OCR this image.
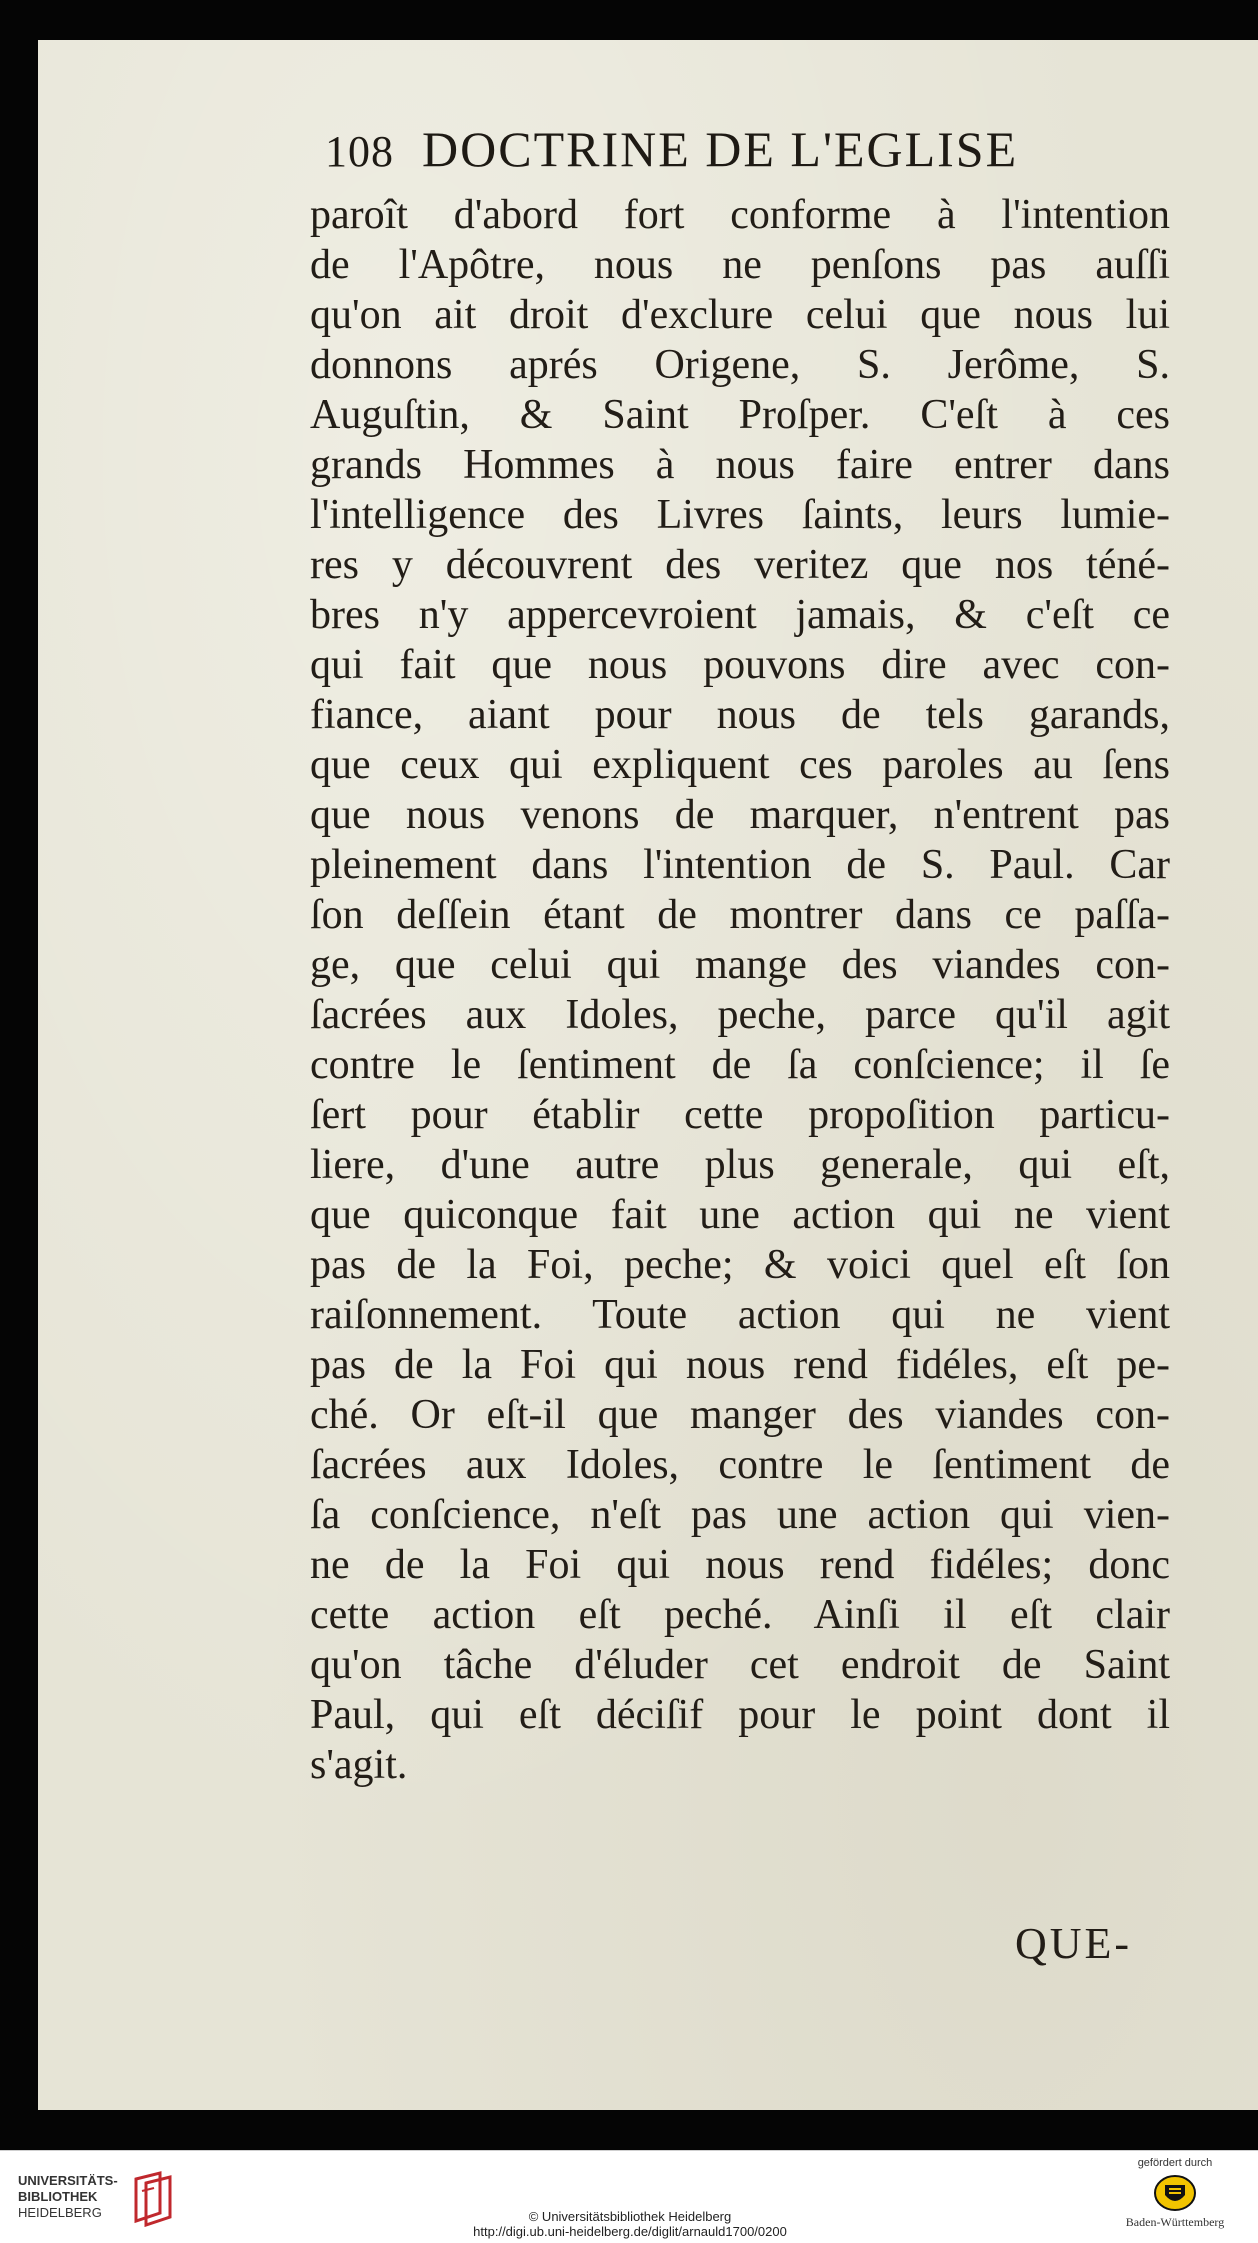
108 DOCTRINE DE L'EGLISE
paroît d'abord fort conforme à l'intention
de l'Apôtre, nous ne penſons pas auſſi
qu'on ait droit d'exclure celui que nous lui
donnons aprés Origene, S. Jerôme, S.
Auguſtin, & Saint Proſper. C'eſt à ces
grands Hommes à nous faire entrer dans
l'intelligence des Livres ſaints, leurs lumie-
res y découvrent des veritez que nos téné-
bres n'y appercevroient jamais, & c'eſt ce
qui fait que nous pouvons dire avec con-
fiance, aiant pour nous de tels garands,
que ceux qui expliquent ces paroles au ſens
que nous venons de marquer, n'entrent pas
pleinement dans l'intention de S. Paul. Car
ſon deſſein étant de montrer dans ce paſſa-
ge, que celui qui mange des viandes con-
ſacrées aux Idoles, peche, parce qu'il agit
contre le ſentiment de ſa conſcience; il ſe
ſert pour établir cette propoſition particu-
liere, d'une autre plus generale, qui eſt,
que quiconque fait une action qui ne vient
pas de la Foi, peche; & voici quel eſt ſon
raiſonnement. Toute action qui ne vient
pas de la Foi qui nous rend fidéles, eſt pe-
ché. Or eſt-il que manger des viandes con-
ſacrées aux Idoles, contre le ſentiment de
ſa conſcience, n'eſt pas une action qui vien-
ne de la Foi qui nous rend fidéles; donc
cette action eſt peché. Ainſi il eſt clair
qu'on tâche d'éluder cet endroit de Saint
Paul, qui eſt déciſif pour le point dont il
s'agit.
QUE-
UNIVERSITÄTS-
BIBLIOTHEK
HEIDELBERG	© Universitätsbibliothek Heidelberg
http://digi.ub.uni-heidelberg.de/diglit/arnauld1700/0200
gefördert durch
Baden-Württemberg
